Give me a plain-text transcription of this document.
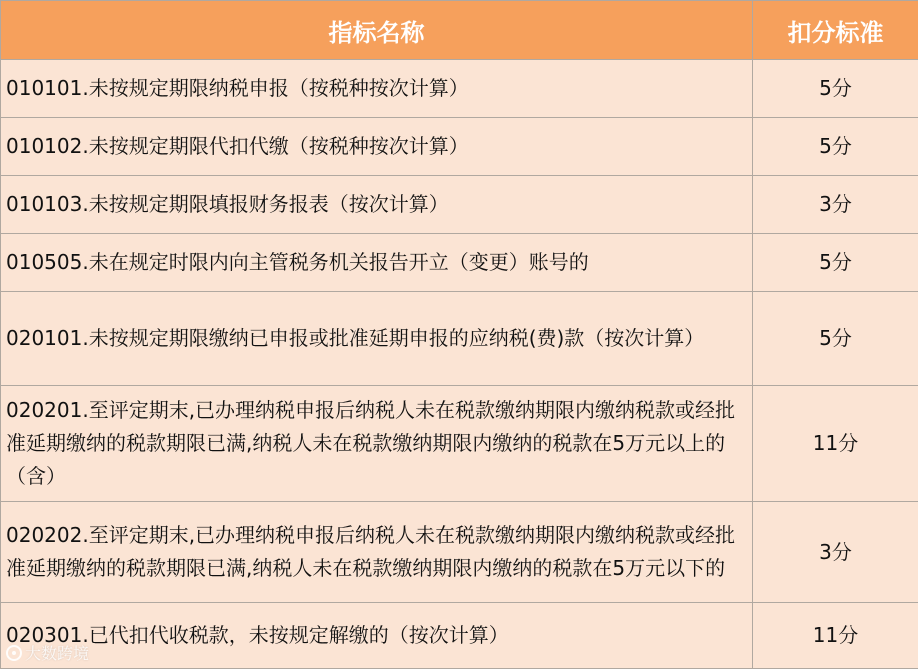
指标名称	扣分标准
010101.未按规定期限纳税申报（按税种按次计算）	5分
010102.未按规定期限代扣代缴（按税种按次计算）	5分
010103.未按规定期限填报财务报表（按次计算）	3分
010505.未在规定时限内向主管税务机关报告开立（变更）账号的	5分
020101.未按规定期限缴纳已申报或批准延期申报的应纳税(费)款（按次计算）	5分
020201.至评定期末,已办理纳税申报后纳税人未在税款缴纳期限内缴纳税款或经批准延期缴纳的税款期限已满,纳税人未在税款缴纳期限内缴纳的税款在5万元以上的（含）	11分
020202.至评定期末,已办理纳税申报后纳税人未在税款缴纳期限内缴纳税款或经批准延期缴纳的税款期限已满,纳税人未在税款缴纳期限内缴纳的税款在5万元以下的	3分
020301.已代扣代收税款，未按规定解缴的（按次计算）	11分
大数跨境
